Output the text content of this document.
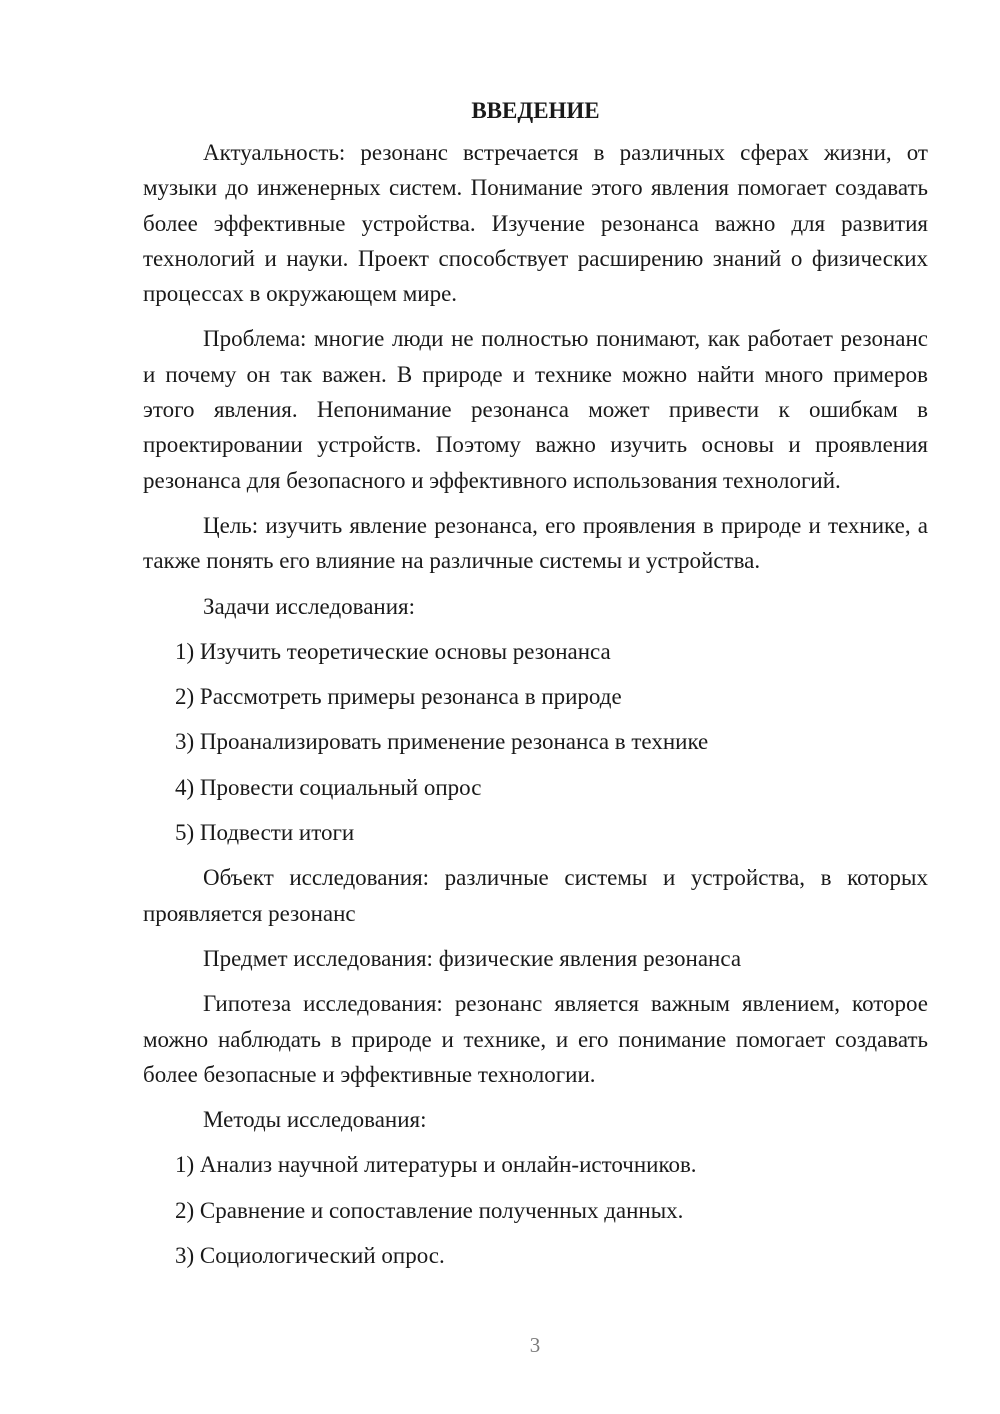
ВВЕДЕНИЕ

Актуальность: резонанс встречается в различных сферах жизни, от музыки до инженерных систем. Понимание этого явления помогает создавать более эффективные устройства. Изучение резонанса важно для развития технологий и науки. Проект способствует расширению знаний о физических процессах в окружающем мире.

Проблема: многие люди не полностью понимают, как работает резонанс и почему он так важен. В природе и технике можно найти много примеров этого явления. Непонимание резонанса может привести к ошибкам в проектировании устройств. Поэтому важно изучить основы и проявления резонанса для безопасного и эффективного использования технологий.

Цель: изучить явление резонанса, его проявления в природе и технике, а также понять его влияние на различные системы и устройства.

Задачи исследования:

1) Изучить теоретические основы резонанса
2) Рассмотреть примеры резонанса в природе
3) Проанализировать применение резонанса в технике
4) Провести социальный опрос
5) Подвести итоги

Объект исследования: различные системы и устройства, в которых проявляется резонанс

Предмет исследования: физические явления резонанса

Гипотеза исследования: резонанс является важным явлением, которое можно наблюдать в природе и технике, и его понимание помогает создавать более безопасные и эффективные технологии.

Методы исследования:

1) Анализ научной литературы и онлайн-источников.
2) Сравнение и сопоставление полученных данных.
3) Социологический опрос.
3
